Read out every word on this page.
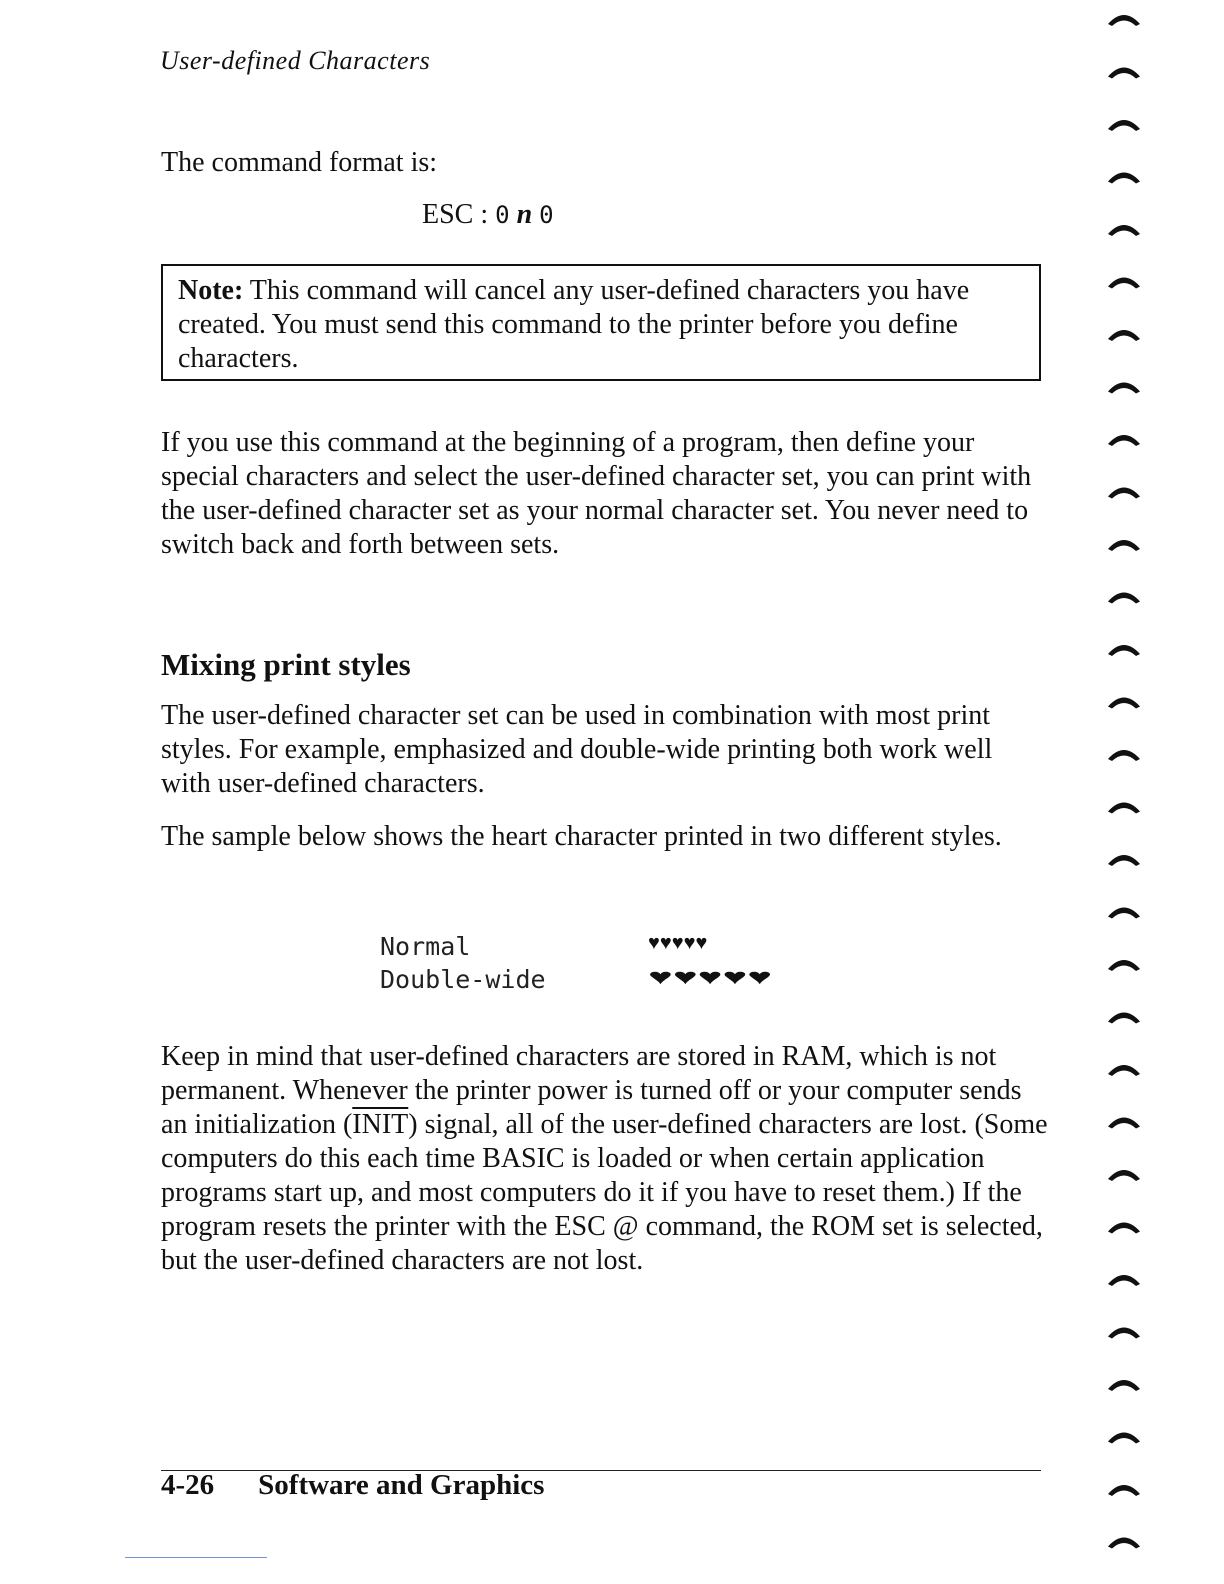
User-defined Characters

The command format is:

ESC : 0 n 0
Note: This command will cancel any user-defined characters you have created. You must send this command to the printer before you define characters.

If you use this command at the beginning of a program, then define your special characters and select the user-defined character set, you can print with the user-defined character set as your normal character set. You never need to switch back and forth between sets.

Mixing print styles

The user-defined character set can be used in combination with most print styles. For example, emphasized and double-wide printing both work well with user-defined characters.

The sample below shows the heart character printed in two different styles.

Normal	♥♥♥♥♥
Double-wide	♥♥♥♥♥

Keep in mind that user-defined characters are stored in RAM, which is not permanent. Whenever the printer power is turned off or your computer sends an initialization (INIT) signal, all of the user-defined characters are lost. (Some computers do this each time BASIC is loaded or when certain application programs start up, and most computers do it if you have to reset them.) If the program resets the printer with the ESC @ command, the ROM set is selected, but the user-defined characters are not lost.

4-26 Software and Graphics
